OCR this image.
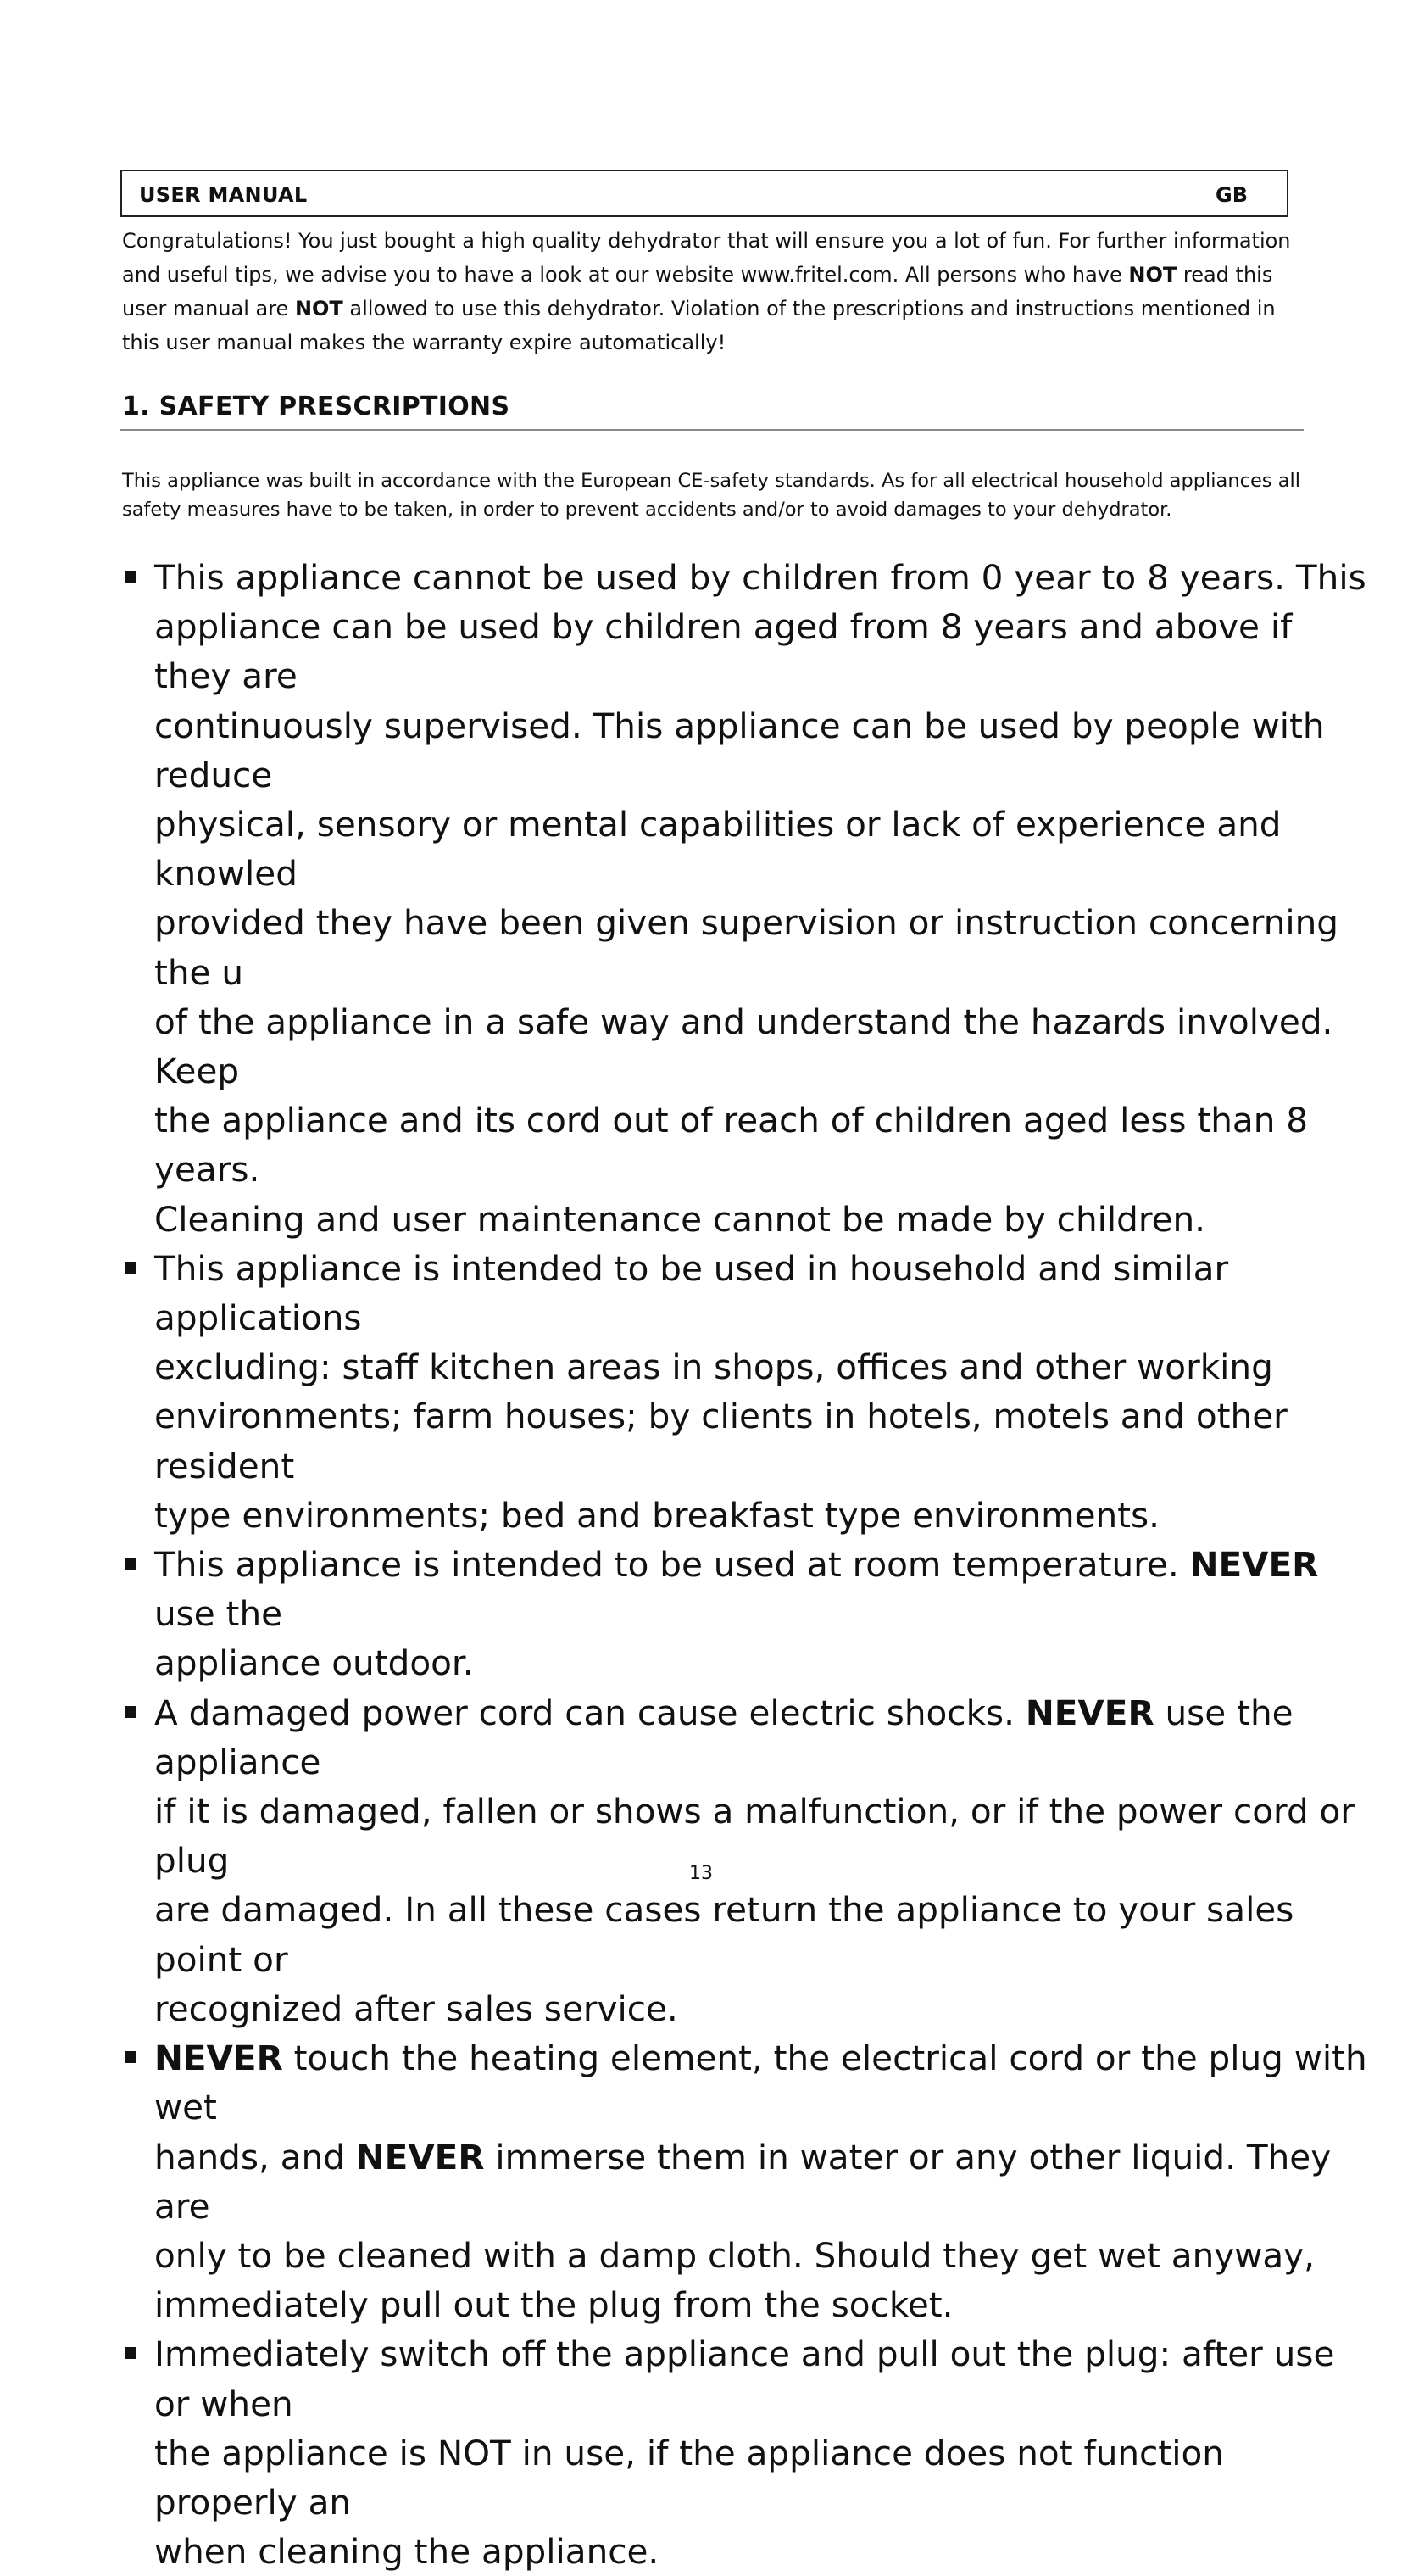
USER MANUAL	GB
Congratulations! You just bought a high quality dehydrator that will ensure you a lot of fun. For further information and useful tips, we advise you to have a look at our website www.fritel.com. All persons who have NOT read this user manual are NOT allowed to use this dehydrator. Violation of the prescriptions and instructions mentioned in this user manual makes the warranty expire automatically!
1. SAFETY PRESCRIPTIONS
This appliance was built in accordance with the European CE-safety standards. As for all electrical household appliances all safety measures have to be taken, in order to prevent accidents and/or to avoid damages to your dehydrator.
This appliance cannot be used by children from 0 year to 8 years. This
appliance can be used by children aged from 8 years and above if they are
continuously supervised. This appliance can be used by people with reduce
physical, sensory or mental capabilities or lack of experience and knowled
provided they have been given supervision or instruction concerning the u
of the appliance in a safe way and understand the hazards involved. Keep
the appliance and its cord out of reach of children aged less than 8 years.
Cleaning and user maintenance cannot be made by children.
This appliance is intended to be used in household and similar applications
excluding: staff kitchen areas in shops, offices and other working
environments; farm houses; by clients in hotels, motels and other resident
type environments; bed and breakfast type environments.
This appliance is intended to be used at room temperature. NEVER use the
appliance outdoor.
A damaged power cord can cause electric shocks. NEVER use the appliance
if it is damaged, fallen or shows a malfunction, or if the power cord or plug
are damaged. In all these cases return the appliance to your sales point or
recognized after sales service.
NEVER touch the heating element, the electrical cord or the plug with wet
hands, and NEVER immerse them in water or any other liquid. They are
only to be cleaned with a damp cloth. Should they get wet anyway,
immediately pull out the plug from the socket.
Immediately switch off the appliance and pull out the plug: after use or when
the appliance is NOT in use, if the appliance does not function properly an
when cleaning the appliance.
13
